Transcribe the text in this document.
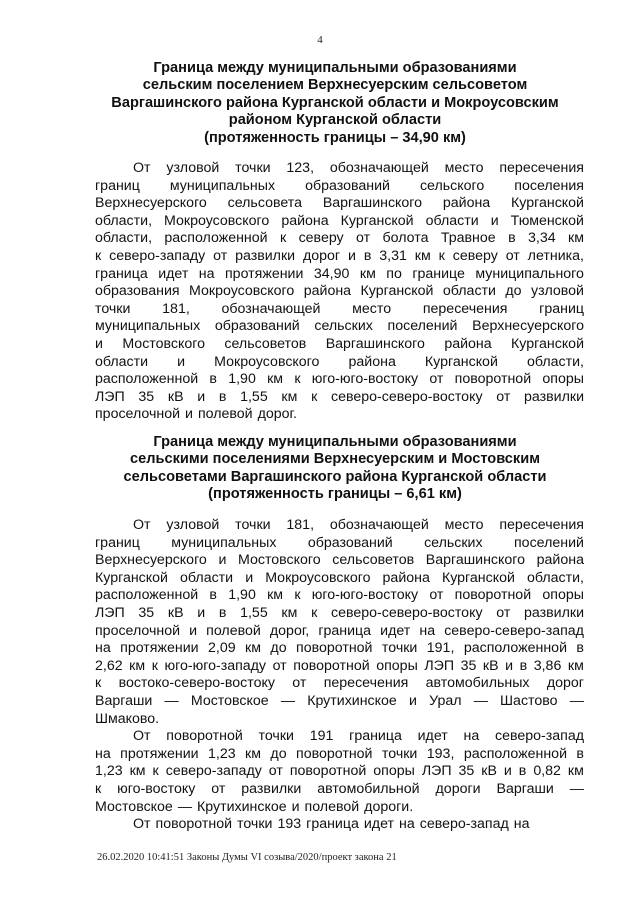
4
Граница между муниципальными образованиями
сельским поселением Верхнесуерским сельсоветом
Варгашинского района Курганской области и Мокроусовским
районом Курганской области
(протяженность границы – 34,90 км)
От узловой точки 123, обозначающей место пересечения
границ муниципальных образований сельского поселения
Верхнесуерского сельсовета Варгашинского района Курганской
области, Мокроусовского района Курганской области и Тюменской
области, расположенной к северу от болота Травное в 3,34 км
к северо-западу от развилки дорог и в 3,31 км к северу от летника,
граница идет на протяжении 34,90 км по границе муниципального
образования Мокроусовского района Курганской области до узловой
точки 181, обозначающей место пересечения границ
муниципальных образований сельских поселений Верхнесуерского
и Мостовского сельсоветов Варгашинского района Курганской
области и Мокроусовского района Курганской области,
расположенной в 1,90 км к юго-юго-востоку от поворотной опоры
ЛЭП 35 кВ и в 1,55 км к северо-северо-востоку от развилки
проселочной и полевой дорог.
Граница между муниципальными образованиями
сельскими поселениями Верхнесуерским и Мостовским
сельсоветами Варгашинского района Курганской области
(протяженность границы – 6,61 км)
От узловой точки 181, обозначающей место пересечения
границ муниципальных образований сельских поселений
Верхнесуерского и Мостовского сельсоветов Варгашинского района
Курганской области и Мокроусовского района Курганской области,
расположенной в 1,90 км к юго-юго-востоку от поворотной опоры
ЛЭП 35 кВ и в 1,55 км к северо-северо-востоку от развилки
проселочной и полевой дорог, граница идет на северо-северо-запад
на протяжении 2,09 км до поворотной точки 191, расположенной в
2,62 км к юго-юго-западу от поворотной опоры ЛЭП 35 кВ и в 3,86 км
к востоко-северо-востоку от пересечения автомобильных дорог
Варгаши — Мостовское — Крутихинское и Урал — Шастово —
Шмаково.
От поворотной точки 191 граница идет на северо-запад
на протяжении 1,23 км до поворотной точки 193, расположенной в
1,23 км к северо-западу от поворотной опоры ЛЭП 35 кВ и в 0,82 км
к юго-востоку от развилки автомобильной дороги Варгаши —
Мостовское — Крутихинское и полевой дороги.
От поворотной точки 193 граница идет на северо-запад на
26.02.2020 10:41:51 Законы Думы VI созыва/2020/проект закона 21
